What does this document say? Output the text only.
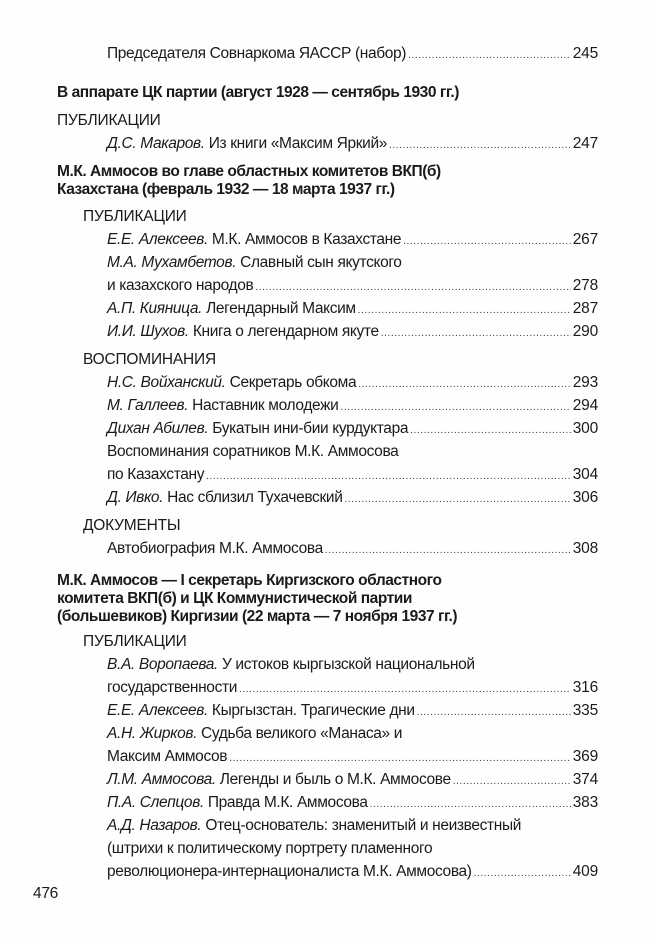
Председателя Совнаркома ЯАССР (набор) .....	245
В аппарате ЦК партии (август 1928 — сентябрь 1930 гг.)
ПУБЛИКАЦИИ
Д.С. Макаров. Из книги «Максим Яркий» .....	247
М.К. Аммосов во главе областных комитетов ВКП(б)
Казахстана (февраль 1932 — 18 марта 1937 гг.)
ПУБЛИКАЦИИ
Е.Е. Алексеев. М.К. Аммосов в Казахстане .....	267
М.А. Мухамбетов. Славный сын якутского
и казахского народов .....	278
А.П. Кияница. Легендарный Максим .....	287
И.И. Шухов. Книга о легендарном якуте .....	290
ВОСПОМИНАНИЯ
Н.С. Войханский. Секретарь обкома .....	293
М. Галлеев. Наставник молодежи .....	294
Дихан Абилев. Букатын ини-бии курдуктара .....	300
Воспоминания соратников М.К. Аммосова
по Казахстану .....	304
Д. Ивко. Нас сблизил Тухачевский .....	306
ДОКУМЕНТЫ
Автобиография М.К. Аммосова .....	308
М.К. Аммосов — I секретарь Киргизского областного
комитета ВКП(б) и ЦК Коммунистической партии
(большевиков) Киргизии (22 марта — 7 ноября 1937 гг.)
ПУБЛИКАЦИИ
В.А. Воропаева. У истоков кыргызской национальной
государственности .....	316
Е.Е. Алексеев. Кыргызстан. Трагические дни .....	335
А.Н. Жирков. Судьба великого «Манаса» и
Максим Аммосов .....	369
Л.М. Аммосова. Легенды и быль о М.К. Аммосове .....	374
П.А. Слепцов. Правда М.К. Аммосова .....	383
А.Д. Назаров. Отец-основатель: знаменитый и неизвестный
(штрихи к политическому портрету пламенного
революционера-интернационалиста М.К. Аммосова) .....	409
476
